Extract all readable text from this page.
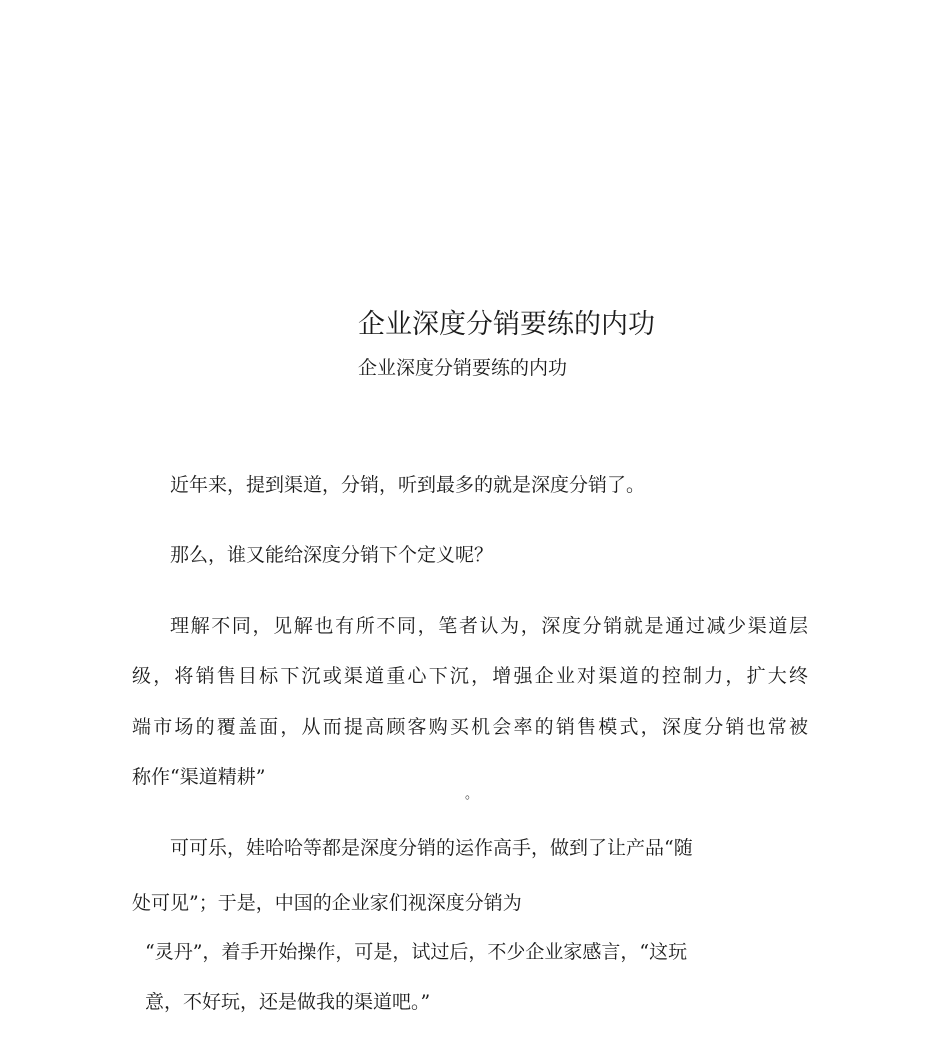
企业深度分销要练的内功
企业深度分销要练的内功
近年来，提到渠道，分销，听到最多的就是深度分销了。
那么，谁又能给深度分销下个定义呢？
理解不同，见解也有所不同，笔者认为，深度分销就是通过减少渠道层
级，将销售目标下沉或渠道重心下沉，增强企业对渠道的控制力，扩大终
端市场的覆盖面，从而提高顾客购买机会率的销售模式，深度分销也常被
称作“渠道精耕”
。
可可乐，娃哈哈等都是深度分销的运作高手，做到了让产品“随
处可见”；于是，中国的企业家们视深度分销为
“灵丹”，着手开始操作，可是，试过后，不少企业家感言，“这玩
意，不好玩，还是做我的渠道吧。”
